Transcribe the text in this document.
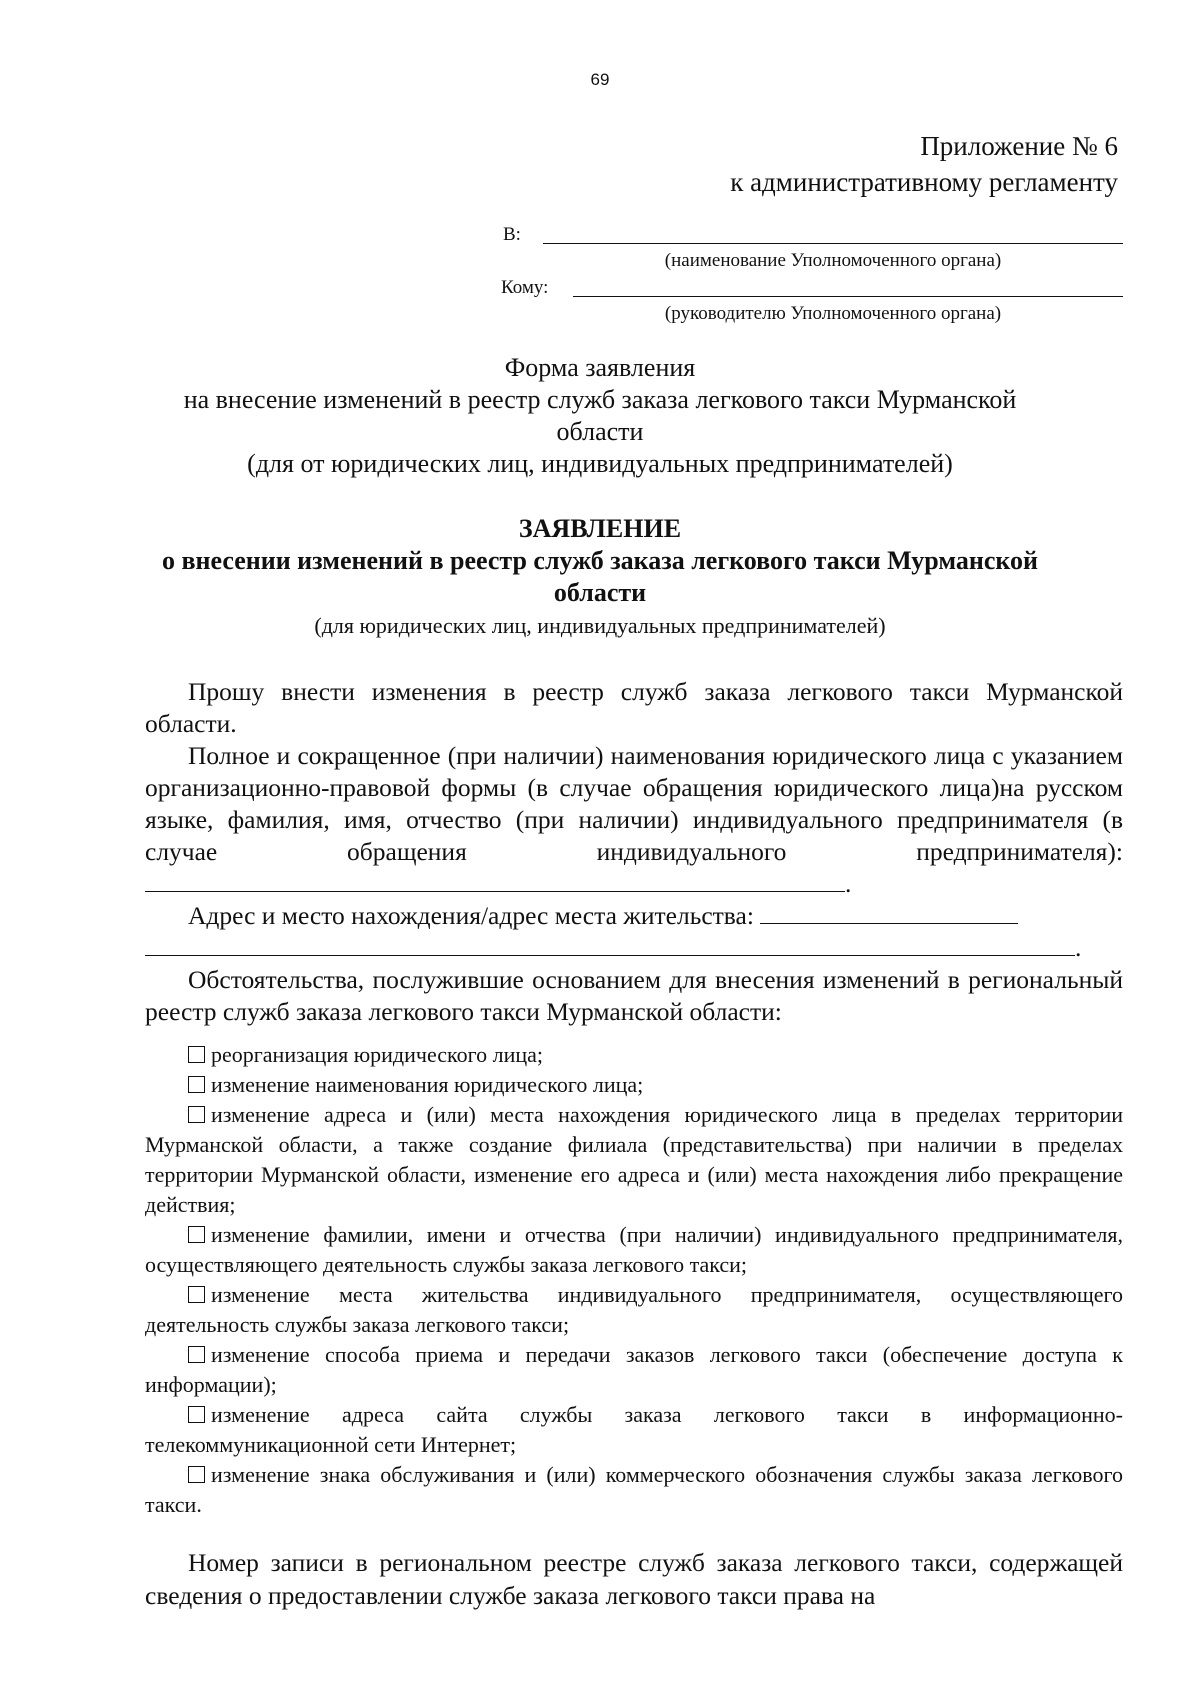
69
Приложение № 6
к административному регламенту
В:
(наименование Уполномоченного органа)
Кому:
(руководителю Уполномоченного органа)
Форма заявления
на внесение изменений в реестр служб заказа легкового такси Мурманской
области
(для от юридических лиц, индивидуальных предпринимателей)
ЗАЯВЛЕНИЕ
о внесении изменений в реестр служб заказа легкового такси Мурманской
области
(для юридических лиц, индивидуальных предпринимателей)

Прошу внести изменения в реестр служб заказа легкового такси Мурманской области.

Полное и сокращенное (при наличии) наименования юридического лица с указанием организационно-правовой формы (в случае обращения юридического лица)на русском языке, фамилия, имя, отчество (при наличии) индивидуального предпринимателя (в случае обращения индивидуального предпринимателя):.

Адрес и место нахождения/адрес места жительства:

.

Обстоятельства, послужившие основанием для внесения изменений в региональный реестр служб заказа легкового такси Мурманской области:

реорганизация юридического лица;

изменение наименования юридического лица;

изменение адреса и (или) места нахождения юридического лица в пределах территории Мурманской области, а также создание филиала (представительства) при наличии в пределах территории Мурманской области, изменение его адреса и (или) места нахождения либо прекращение действия;

изменение фамилии, имени и отчества (при наличии) индивидуального предпринимателя, осуществляющего деятельность службы заказа легкового такси;

изменение места жительства индивидуального предпринимателя, осуществляющего деятельность службы заказа легкового такси;

изменение способа приема и передачи заказов легкового такси (обеспечение доступа к информации);

изменение адреса сайта службы заказа легкового такси в информационно-телекоммуникационной сети Интернет;

изменение знака обслуживания и (или) коммерческого обозначения службы заказа легкового такси.

Номер записи в региональном реестре служб заказа легкового такси, содержащей сведения о предоставлении службе заказа легкового такси права на
